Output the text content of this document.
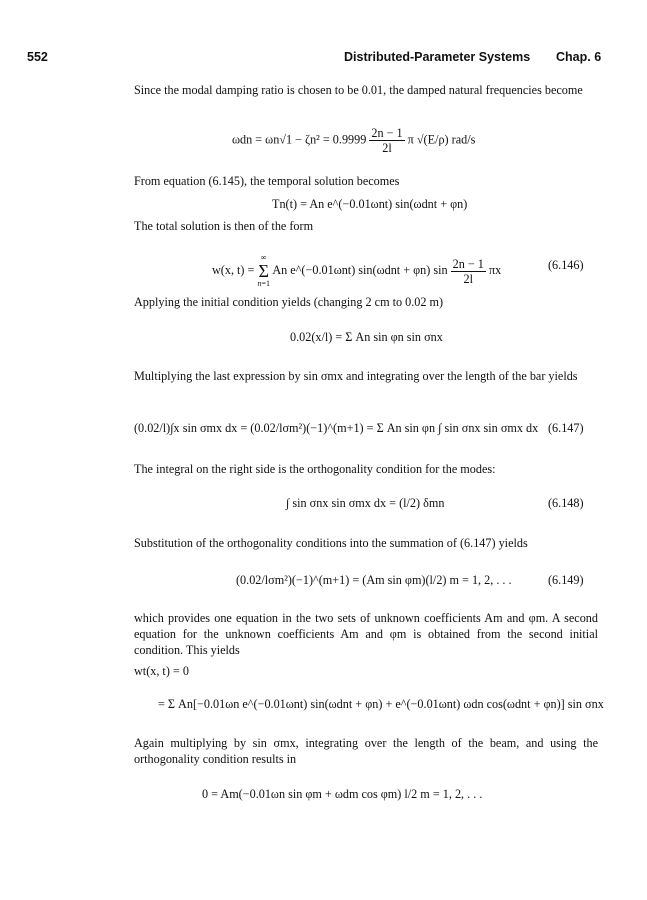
552	Distributed-Parameter Systems Chap. 6
Since the modal damping ratio is chosen to be 0.01, the damped natural frequencies become
$\omega dn = \omega n√1 - \zeta n^2 = 0.9999 \frac{2n - 1}{2l}$ π √(E/ρ) rad/s
From equation (6.145), the temporal solution becomes
Tn(t) = An e^(−0.01ωnt) sin(ωdnt + φn)
The total solution is then of the form
w(x, t) =
∞
Σ
n=1
An e^(−0.01ωnt) sin(ωdnt + φn) $\sin \frac{2n - 1}{2l}$ πx	(6.146)
Applying the initial condition yields (changing 2 cm to 0.02 m)
0.02(x/l) = Σ An sin φn sin σnx
Multiplying the last expression by sin σmx and integrating over the length of the bar yields
(0.02/l)∫x sin σmx dx = (0.02/lσm²)(−1)^(m+1) = Σ An sin φn ∫ sin σnx sin σmx dx (6.147)
The integral on the right side is the orthogonality condition for the modes:
∫ sin σnx sin σmx dx = (l/2) δmn	(6.148)
Substitution of the orthogonality conditions into the summation of (6.147) yields
(0.02/lσm²)(−1)^(m+1) = (Am sin φm)(l/2) m = 1, 2, . . .	(6.149)
which provides one equation in the two sets of unknown coefficients Am and φm. A second equation for the unknown coefficients Am and φm is obtained from the second initial condition. This yields
wt(x, t) = 0
= Σ An[−0.01ωn e^(−0.01ωnt) sin(ωdnt + φn) + e^(−0.01ωnt) ωdn cos(ωdnt + φn)] sin σnx
Again multiplying by sin σmx, integrating over the length of the beam, and using the orthogonality condition results in
0 = Am(−0.01ωn sin φm + ωdm cos φm) l/2 m = 1, 2, . . .
